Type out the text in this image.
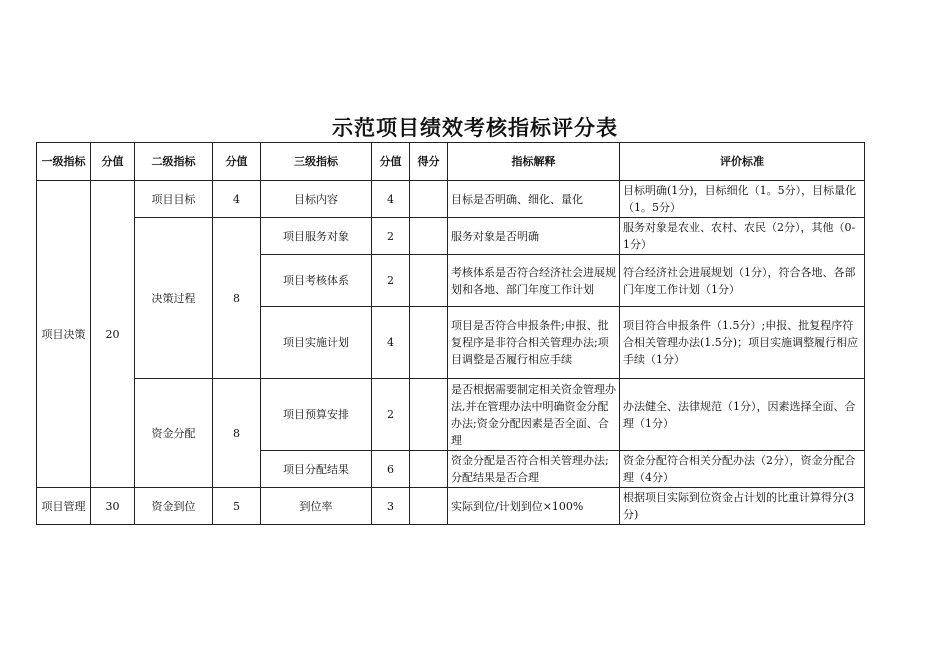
示范项目绩效考核指标评分表
一级指标	分值	二级指标	分值	三级指标	分值	得分	指标解释	评价标准
项目决策	20	项目目标	4	目标内容	4		目标是否明确、细化、量化	目标明确(1分)，目标细化（1。5分），目标量化（1。5分）
		决策过程	8	项目服务对象	2		服务对象是否明确	服务对象是农业、农村、农民（2分），其他（0-1分）
				项目考核体系	2		考核体系是否符合经济社会进展规划和各地、部门年度工作计划	符合经济社会进展规划（1分），符合各地、各部门年度工作计划（1分）
				项目实施计划	4		项目是否符合申报条件;申报、批复程序是非符合相关管理办法;项目调整是否履行相应手续	项目符合申报条件（1.5分）;申报、批复程序符合相关管理办法(1.5分)；项目实施调整履行相应手续（1分）
		资金分配	8	项目预算安排	2		是否根据需要制定相关资金管理办法,并在管理办法中明确资金分配办法;资金分配因素是否全面、合理	办法健全、法律规范（1分），因素选择全面、合理（1分）
				项目分配结果	6		资金分配是否符合相关管理办法;分配结果是否合理	资金分配符合相关分配办法（2分），资金分配合理（4分）
项目管理	30	资金到位	5	到位率	3		实际到位/计划到位×100%	根据项目实际到位资金占计划的比重计算得分(3分)
